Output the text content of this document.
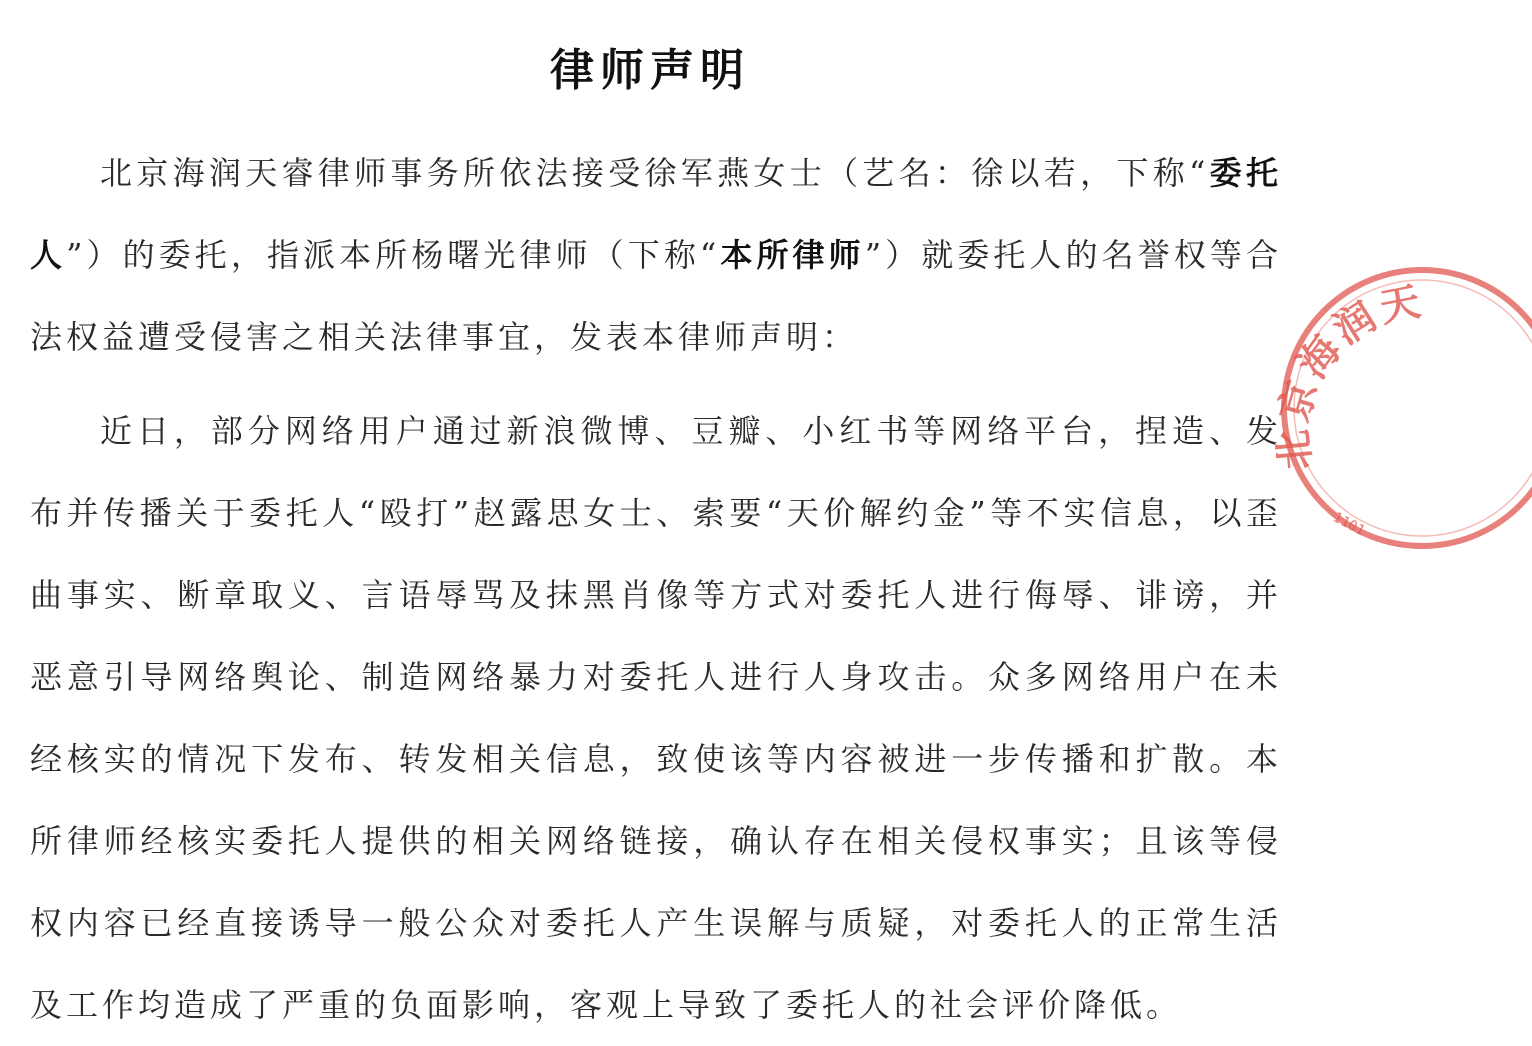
律师声明

北京海润天睿律师事务所依法接受徐军燕女士（艺名：徐以若，下称“委托人”）的委托，指派本所杨曙光律师（下称“本所律师”）就委托人的名誉权等合法权益遭受侵害之相关法律事宜，发表本律师声明：

近日，部分网络用户通过新浪微博、豆瓣、小红书等网络平台，捏造、发布并传播关于委托人“殴打”赵露思女士、索要“天价解约金”等不实信息，以歪曲事实、断章取义、言语辱骂及抹黑肖像等方式对委托人进行侮辱、诽谤，并恶意引导网络舆论、制造网络暴力对委托人进行人身攻击。众多网络用户在未经核实的情况下发布、转发相关信息，致使该等内容被进一步传播和扩散。本所律师经核实委托人提供的相关网络链接，确认存在相关侵权事实；且该等侵权内容已经直接诱导一般公众对委托人产生误解与质疑，对委托人的正常生活及工作均造成了严重的负面影响，客观上导致了委托人的社会评价降低。

北京海润天
1101
